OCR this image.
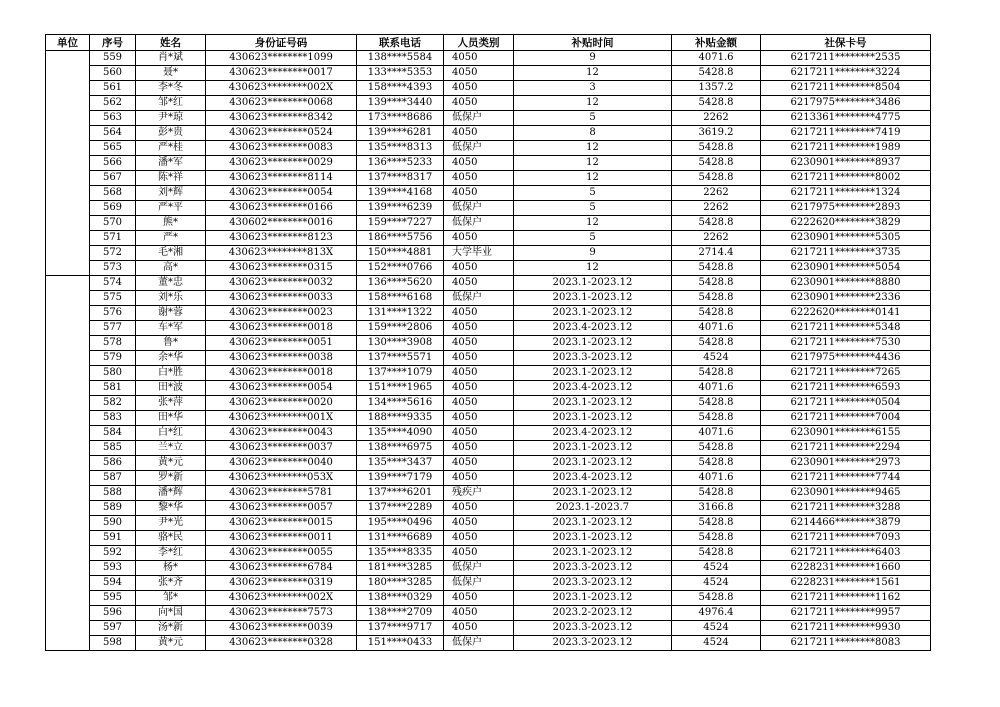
单位	序号	姓名	身份证号码	联系电话	人员类别	补贴时间	补贴金额	社保卡号
	559	肖*斌	430623********1099	138****5584	4050	9	4071.6	6217211********2535
	560	聂*	430623********0017	133****5353	4050	12	5428.8	6217211********3224
	561	李*冬	430623********002X	158****4393	4050	3	1357.2	6217211********8504
	562	邹*红	430623********0068	139****3440	4050	12	5428.8	6217975********3486
	563	尹*琼	430623********8342	173****8686	低保户	5	2262	6213361********4775
	564	彭*贵	430623********0524	139****6281	4050	8	3619.2	6217211********7419
	565	严*桂	430623********0083	135****8313	低保户	12	5428.8	6217211********1989
	566	潘*军	430623********0029	136****5233	4050	12	5428.8	6230901********8937
	567	陈*祥	430623********8114	137****8317	4050	12	5428.8	6217211********8002
	568	刘*辉	430623********0054	139****4168	4050	5	2262	6217211********1324
	569	严*平	430623********0166	139****6239	低保户	5	2262	6217975********2893
	570	熊*	430602********0016	159****7227	低保户	12	5428.8	6222620********3829
	571	严*	430623********8123	186****5756	4050	5	2262	6230901********5305
	572	毛*湘	430623********813X	150****4881	大学毕业	9	2714.4	6217211********3735
	573	高*	430623********0315	152****0766	4050	12	5428.8	6230901********5054
	574	董*忠	430623********0032	136****5620	4050	2023.1-2023.12	5428.8	6230901********8880
	575	刘*乐	430623********0033	158****6168	低保户	2023.1-2023.12	5428.8	6230901********2336
	576	谢*蓉	430623********0023	131****1322	4050	2023.1-2023.12	5428.8	6222620********0141
	577	车*军	430623********0018	159****2806	4050	2023.4-2023.12	4071.6	6217211********5348
	578	鲁*	430623********0051	130****3908	4050	2023.1-2023.12	5428.8	6217211********7530
	579	余*华	430623********0038	137****5571	4050	2023.3-2023.12	4524	6217975********4436
	580	白*胜	430623********0018	137****1079	4050	2023.1-2023.12	5428.8	6217211********7265
	581	田*波	430623********0054	151****1965	4050	2023.4-2023.12	4071.6	6217211********6593
	582	张*萍	430623********0020	134****5616	4050	2023.1-2023.12	5428.8	6217211********0504
	583	田*华	430623********001X	188****9335	4050	2023.1-2023.12	5428.8	6217211********7004
	584	白*红	430623********0043	135****4090	4050	2023.4-2023.12	4071.6	6230901********6155
	585	兰*立	430623********0037	138****6975	4050	2023.1-2023.12	5428.8	6217211********2294
	586	黄*元	430623********0040	135****3437	4050	2023.1-2023.12	5428.8	6230901********2973
	587	罗*新	430623********053X	139****7179	4050	2023.4-2023.12	4071.6	6217211********7744
	588	潘*辉	430623********5781	137****6201	残疾户	2023.1-2023.12	5428.8	6230901********9465
	589	黎*华	430623********0057	137****2289	4050	2023.1-2023.7	3166.8	6217211********3288
	590	尹*光	430623********0015	195****0496	4050	2023.1-2023.12	5428.8	6214466********3879
	591	骆*民	430623********0011	131****6689	4050	2023.1-2023.12	5428.8	6217211********7093
	592	李*红	430623********0055	135****8335	4050	2023.1-2023.12	5428.8	6217211********6403
	593	杨*	430623********6784	181****3285	低保户	2023.3-2023.12	4524	6228231********1660
	594	张*齐	430623********0319	180****3285	低保户	2023.3-2023.12	4524	6228231********1561
	595	邹*	430623********002X	138****0329	4050	2023.1-2023.12	5428.8	6217211********1162
	596	向*国	430623********7573	138****2709	4050	2023.2-2023.12	4976.4	6217211********9957
	597	汤*新	430623********0039	137****9717	4050	2023.3-2023.12	4524	6217211********9930
	598	黄*元	430623********0328	151****0433	低保户	2023.3-2023.12	4524	6217211********8083
